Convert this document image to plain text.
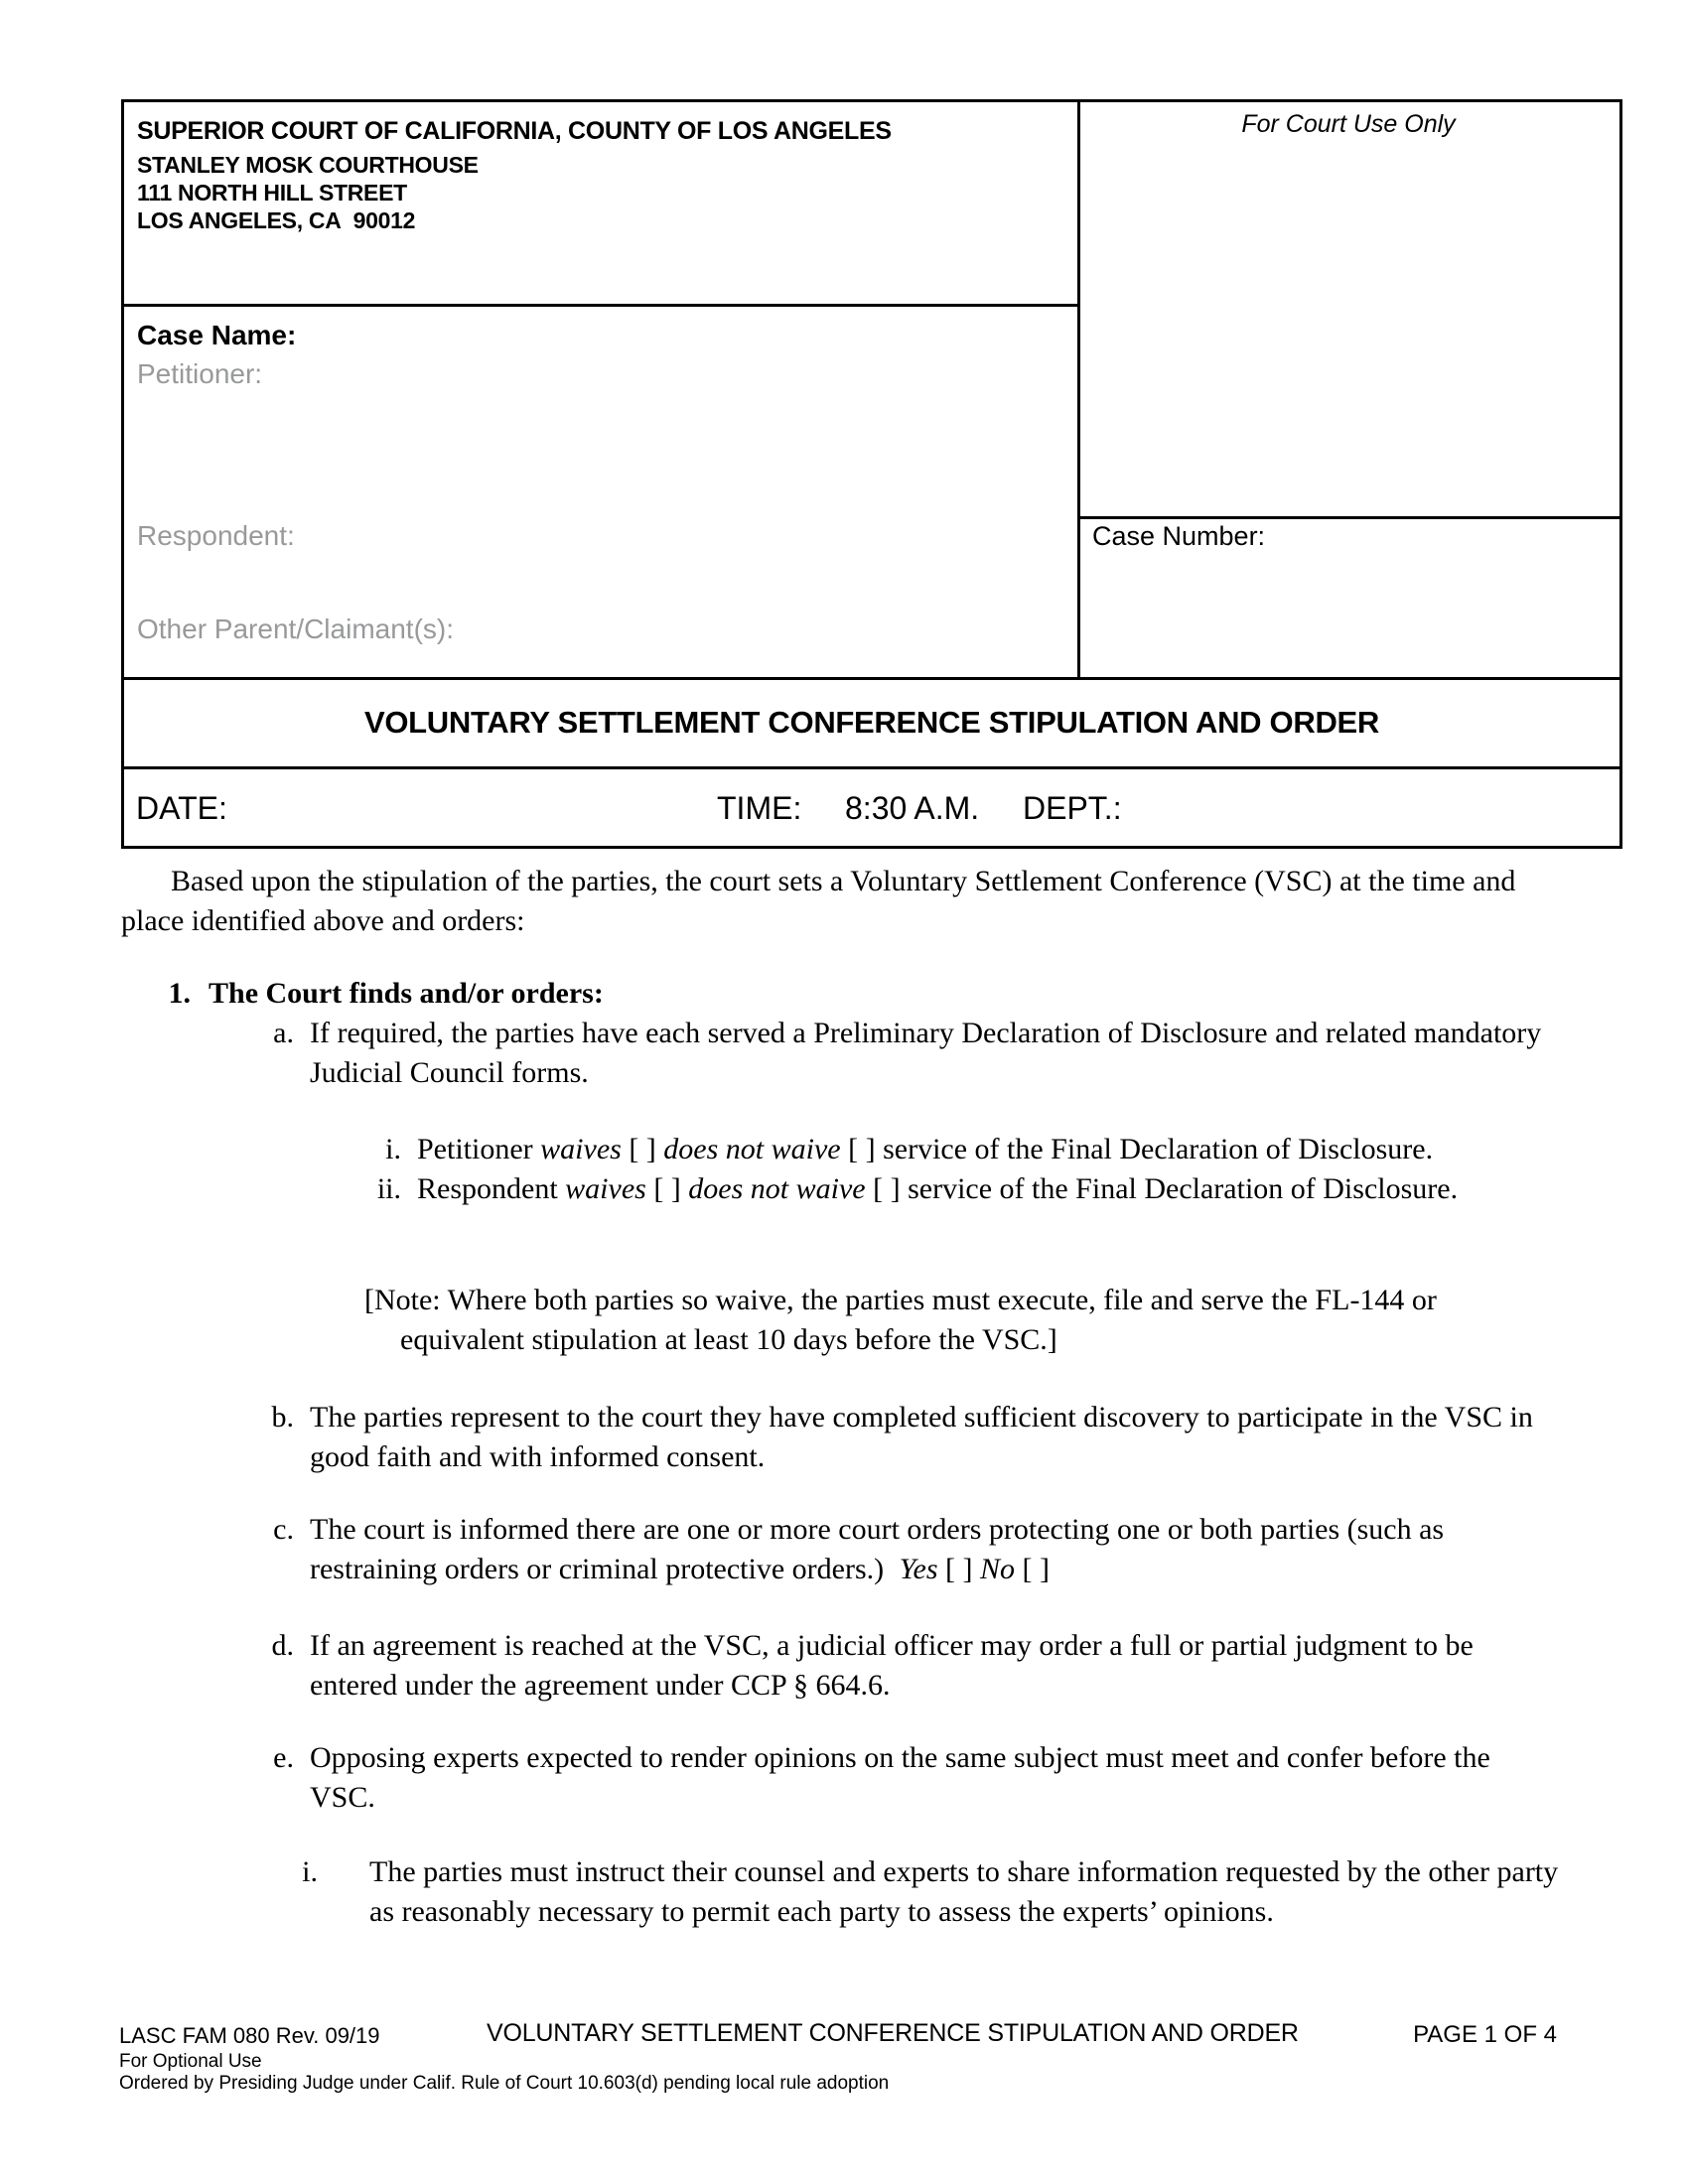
SUPERIOR COURT OF CALIFORNIA, COUNTY OF LOS ANGELES
STANLEY MOSK COURTHOUSE
111 NORTH HILL STREET
LOS ANGELES, CA  90012
For Court Use Only
Case Name:
Petitioner:
Respondent:
Other Parent/Claimant(s):
Case Number:
VOLUNTARY SETTLEMENT CONFERENCE STIPULATION AND ORDER
DATE:	TIME: 8:30 A.M. DEPT.:
Based upon the stipulation of the parties, the court sets a Voluntary Settlement Conference (VSC) at the time and place identified above and orders:
1. The Court finds and/or orders:
a. If required, the parties have each served a Preliminary Declaration of Disclosure and related mandatory Judicial Council forms.
i. Petitioner waives [ ] does not waive [ ] service of the Final Declaration of Disclosure.
ii. Respondent waives [ ] does not waive [ ] service of the Final Declaration of Disclosure.
[Note: Where both parties so waive, the parties must execute, file and serve the FL-144 or equivalent stipulation at least 10 days before the VSC.]
b. The parties represent to the court they have completed sufficient discovery to participate in the VSC in good faith and with informed consent.
c. The court is informed there are one or more court orders protecting one or both parties (such as restraining orders or criminal protective orders.) Yes [ ] No [ ]
d. If an agreement is reached at the VSC, a judicial officer may order a full or partial judgment to be entered under the agreement under CCP § 664.6.
e. Opposing experts expected to render opinions on the same subject must meet and confer before the VSC.
i. The parties must instruct their counsel and experts to share information requested by the other party as reasonably necessary to permit each party to assess the experts’ opinions.
LASC FAM 080 Rev. 09/19	VOLUNTARY SETTLEMENT CONFERENCE STIPULATION AND ORDER	PAGE 1 OF 4
For Optional Use
Ordered by Presiding Judge under Calif. Rule of Court 10.603(d) pending local rule adoption
